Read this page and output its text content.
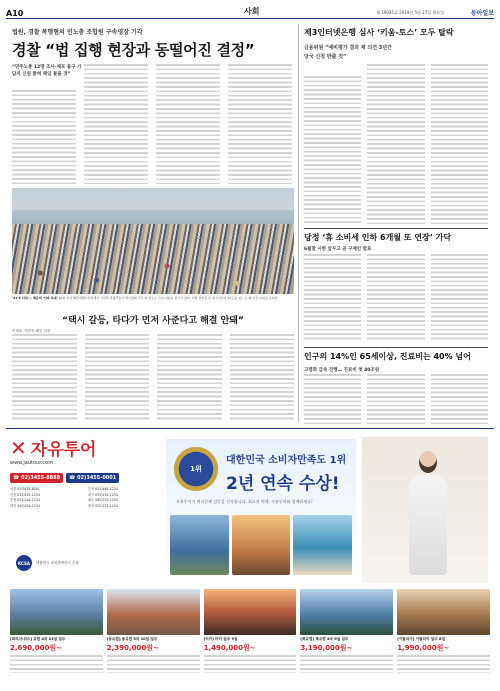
A10	사회	제 19045호 2019년 5월 27일 월요일	동아일보
법원, 경찰 폭행혐의 민노총 조합원 구속영장 기각
경찰 “법 집행 현장과 동떨어진 결정”
“민주노총 12명 조사-체포 불구 가담자 신원 밝혀 책임 물을 것”
‘31℃ 더위’… 해운대 ‘인파 북새’ 26일 부산 해운대해수욕장에서 시민과 관광객들이 백사장에 가득 찰 정도로 모여 여름을 즐기고 있다. 이날 부산은 낮 최고기온이 31도를 넘는 등 때 이른 더위를 보였다.
“택시 갈등, 타다가 먼저 사준다고 해결 안돼”
이재웅, 이찬진 페인 입장
제3인터넷은행 심사 ‘키움-토스’ 모두 탈락
금융위원 “예비평가 결과 제 의견 3년간 당국 신청 반출 것”
당정 ‘휴 소비세 인하 6개월 또 연장’ 가닥
6월말 시한 앞두고 곧 구제안 발표
인구의 14%인 65세이상, 진료비는 40% 넘어
고령화 급속 진행… 진료비 첫 40조원
✕ 자유투어
www.jautour.com
☎ 02)3455-8888	☎ 02)3455-0001
서울 02)3455-8001	부산 051)465-1234
인천 032)425-1234	대구 053)254-1234
수원 031)246-1234	광주 062)233-1234
대전 042)254-1234	울산 052)271-1234
KCSA	대한민국 소비자만족도 수상
1위
대한민국 소비자만족도 1위
2년 연속 수상!
자유투어가 여러분께 감동을 선사합니다. 최고의 여행, 자유투어와 함께하세요!
[파리/스위스] 유럽 4국 13일 일주
2,690,000원~
[동유럽] 동유럽 5국 10일 일주
2,390,000원~
[터키] 터키 일주 9일
1,490,000원~
[북유럽] 북유럽 4국 9일 일주
3,190,000원~
[이탈리아] 이탈리아 일주 8일
1,990,000원~
